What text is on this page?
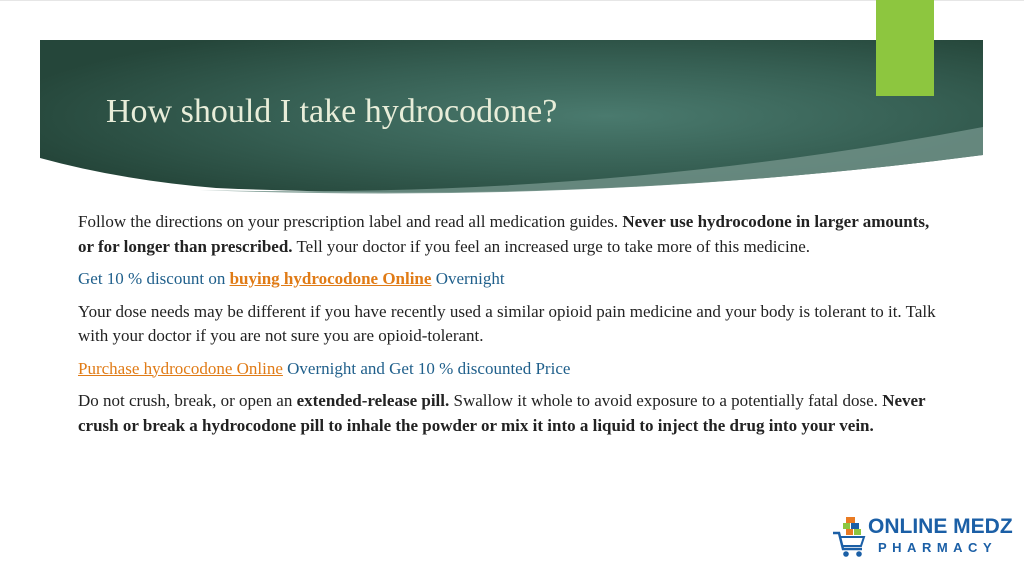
How should I take hydrocodone?

Follow the directions on your prescription label and read all medication guides. Never use hydrocodone in larger amounts, or for longer than prescribed. Tell your doctor if you feel an increased urge to take more of this medicine.

Get 10 % discount on buying hydrocodone Online Overnight

Your dose needs may be different if you have recently used a similar opioid pain medicine and your body is tolerant to it. Talk with your doctor if you are not sure you are opioid-tolerant.

Purchase hydrocodone Online Overnight and Get 10 % discounted Price

Do not crush, break, or open an extended-release pill. Swallow it whole to avoid exposure to a potentially fatal dose. Never crush or break a hydrocodone pill to inhale the powder or mix it into a liquid to inject the drug into your vein.

ONLINE MEDZ
PHARMACY
